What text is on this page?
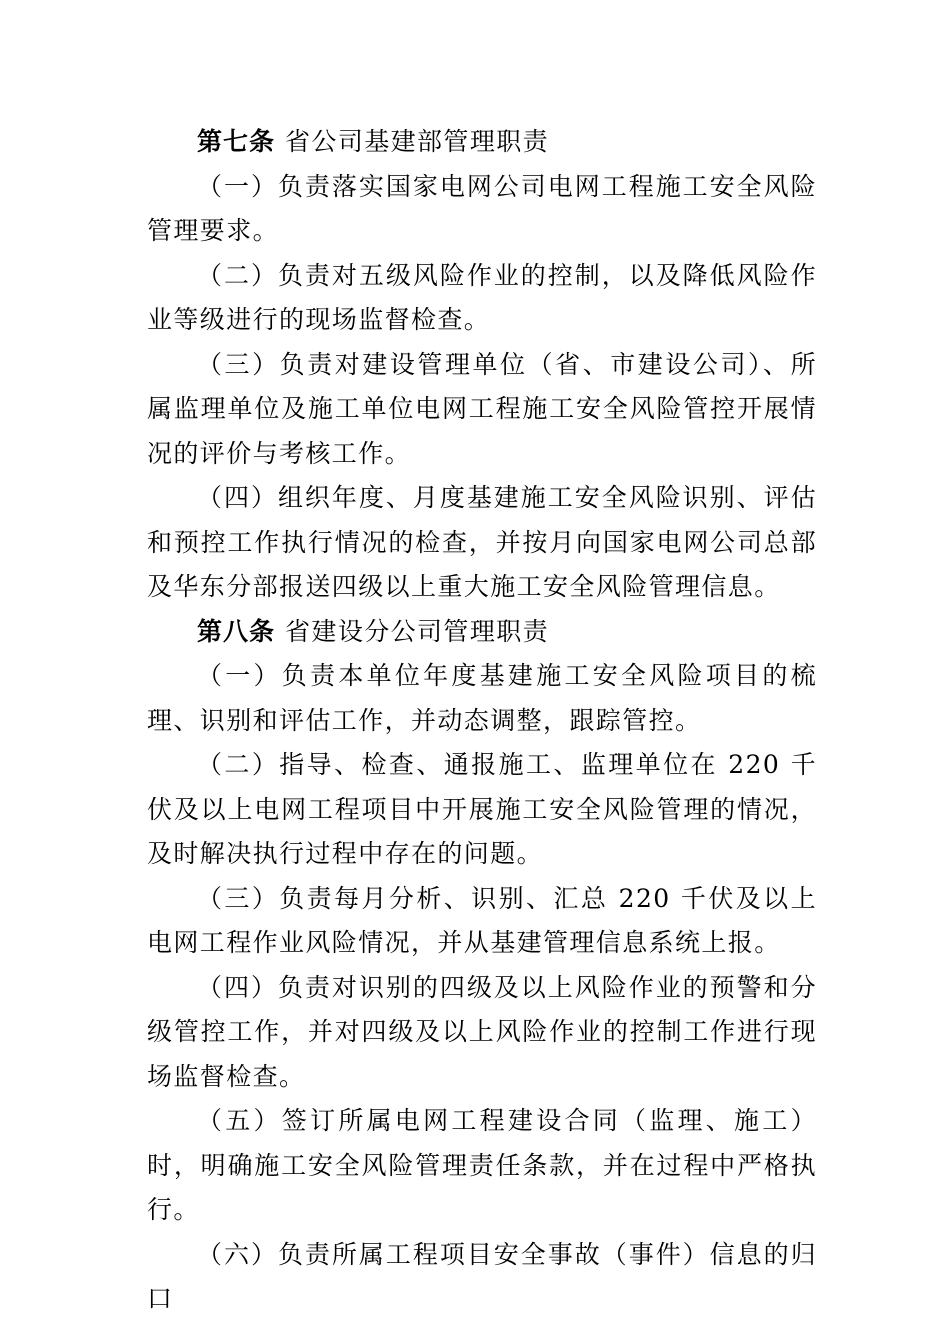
第七条 省公司基建部管理职责

（一）负责落实国家电网公司电网工程施工安全风险管理要求。

（二）负责对五级风险作业的控制，以及降低风险作业等级进行的现场监督检查。

（三）负责对建设管理单位（省、市建设公司）、所属监理单位及施工单位电网工程施工安全风险管控开展情况的评价与考核工作。

（四）组织年度、月度基建施工安全风险识别、评估和预控工作执行情况的检查，并按月向国家电网公司总部及华东分部报送四级以上重大施工安全风险管理信息。

第八条 省建设分公司管理职责

（一）负责本单位年度基建施工安全风险项目的梳理、识别和评估工作，并动态调整，跟踪管控。

（二）指导、检查、通报施工、监理单位在 220 千伏及以上电网工程项目中开展施工安全风险管理的情况，及时解决执行过程中存在的问题。

（三）负责每月分析、识别、汇总 220 千伏及以上电网工程作业风险情况，并从基建管理信息系统上报。

（四）负责对识别的四级及以上风险作业的预警和分级管控工作，并对四级及以上风险作业的控制工作进行现场监督检查。

（五）签订所属电网工程建设合同（监理、施工）时，明确施工安全风险管理责任条款，并在过程中严格执行。

（六）负责所属工程项目安全事故（事件）信息的归口
